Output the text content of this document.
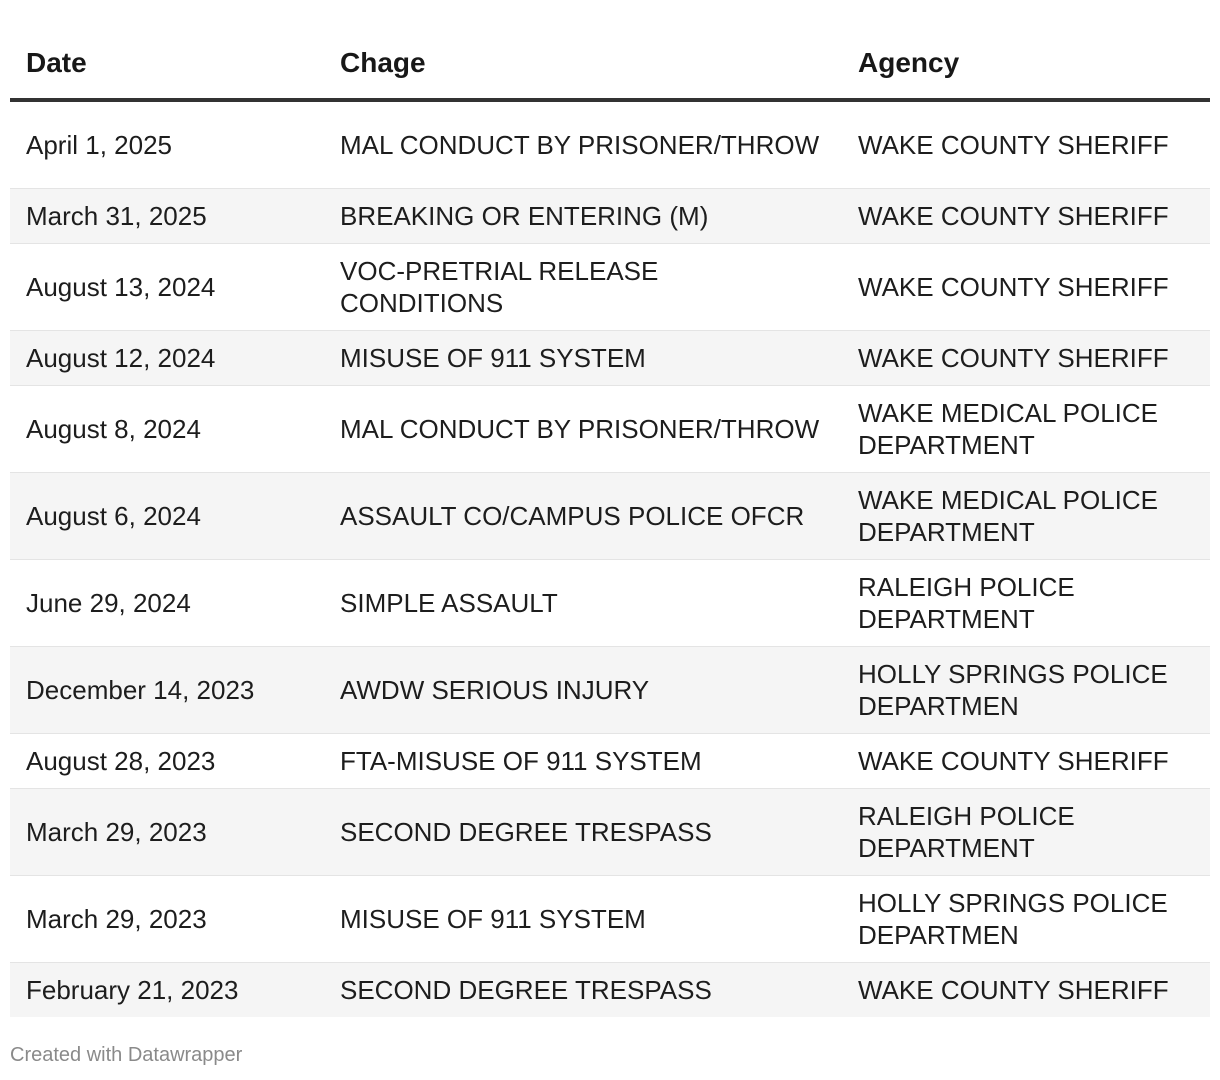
Date	Chage	Agency
April 1, 2025	MAL CONDUCT BY PRISONER/THROW	WAKE COUNTY SHERIFF
March 31, 2025	BREAKING OR ENTERING (M)	WAKE COUNTY SHERIFF
August 13, 2024	VOC-PRETRIAL RELEASE CONDITIONS	WAKE COUNTY SHERIFF
August 12, 2024	MISUSE OF 911 SYSTEM	WAKE COUNTY SHERIFF
August 8, 2024	MAL CONDUCT BY PRISONER/THROW	WAKE MEDICAL POLICE DEPARTMENT
August 6, 2024	ASSAULT CO/CAMPUS POLICE OFCR	WAKE MEDICAL POLICE DEPARTMENT
June 29, 2024	SIMPLE ASSAULT	RALEIGH POLICE DEPARTMENT
December 14, 2023	AWDW SERIOUS INJURY	HOLLY SPRINGS POLICE DEPARTMEN
August 28, 2023	FTA-MISUSE OF 911 SYSTEM	WAKE COUNTY SHERIFF
March 29, 2023	SECOND DEGREE TRESPASS	RALEIGH POLICE DEPARTMENT
March 29, 2023	MISUSE OF 911 SYSTEM	HOLLY SPRINGS POLICE DEPARTMEN
February 21, 2023	SECOND DEGREE TRESPASS	WAKE COUNTY SHERIFF
Created with Datawrapper
